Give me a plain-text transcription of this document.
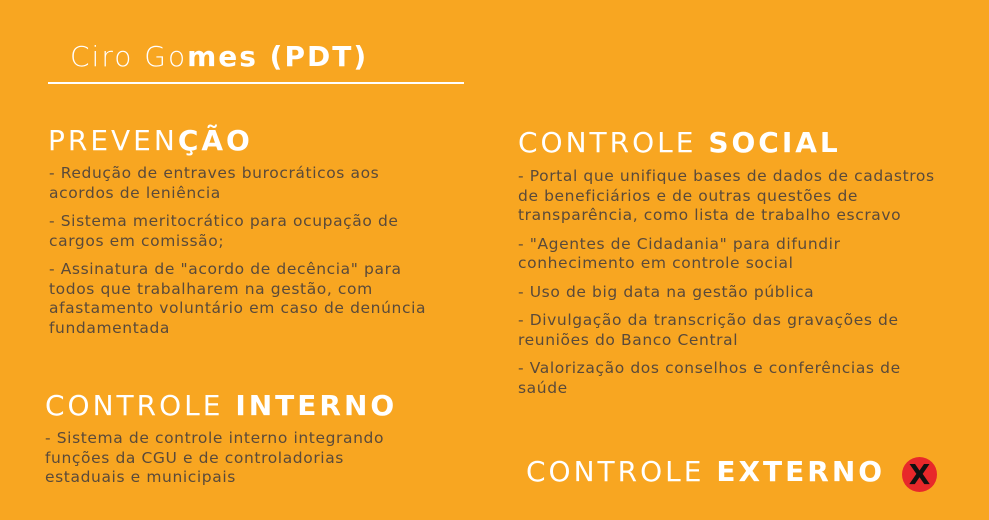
Ciro Gomes (PDT)
PREVENÇÃO
- Redução de entraves burocráticos aos acordos de leniência
- Sistema meritocrático para ocupação de cargos em comissão;
- Assinatura de "acordo de decência" para todos que trabalharem na gestão, com afastamento voluntário em caso de denúncia fundamentada
CONTROLE INTERNO
- Sistema de controle interno integrando funções da CGU e de controladorias estaduais e municipais
CONTROLE SOCIAL
- Portal que unifique bases de dados de cadastros de beneficiários e de outras questões de transparência, como lista de trabalho escravo
- "Agentes de Cidadania" para difundir conhecimento em controle social
- Uso de big data na gestão pública
- Divulgação da transcrição das gravações de reuniões do Banco Central
- Valorização dos conselhos e conferências de saúde
CONTROLE EXTERNO X
